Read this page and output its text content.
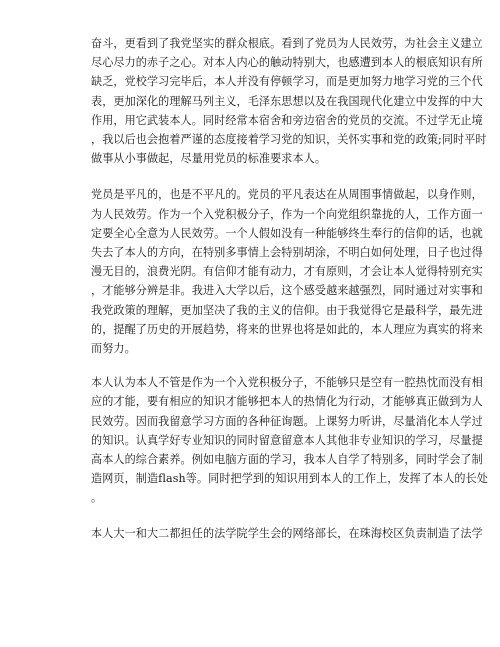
奋斗，更看到了我党坚实的群众根底。看到了党员为人民效劳，为社会主义建立
尽心尽力的赤子之心。对本人内心的触动特别大，也感遭到本人的根底知识有所
缺乏，党校学习完毕后，本人并没有停顿学习，而是更加努力地学习党的三个代
表，更加深化的理解马列主义，毛泽东思想以及在我国现代化建立中发挥的中大
作用，用它武装本人。同时经常本宿舍和旁边宿舍的党员的交流。不过学无止境
，我以后也会抱着严谨的态度接着学习党的知识，关怀实事和党的政策;同时平时
做事从小事做起，尽量用党员的标准要求本人。

党员是平凡的，也是不平凡的。党员的平凡表达在从周围事情做起，以身作则，
为人民效劳。作为一个入党积极分子，作为一个向党组织靠拢的人，工作方面一
定要全心全意为人民效劳。一个人假如没有一种能够终生奉行的信仰的话，也就
失去了本人的方向，在特别多事情上会特别胡涂，不明白如何处理，日子也过得
漫无目的，浪费光阴。有信仰才能有动力，才有原则，才会让本人觉得特别充实
，才能够分辨是非。我进入大学以后，这个感受越来越强烈，同时通过对实事和
我党政策的理解，更加坚决了我的主义的信仰。由于我觉得它是最科学，最先进
的，提醒了历史的开展趋势，将来的世界也将是如此的，本人理应为真实的将来
而努力。

本人认为本人不管是作为一个入党积极分子，不能够只是空有一腔热忱而没有相
应的才能，要有相应的知识才能够把本人的热情化为行动，才能够真正做到为人
民效劳。因而我留意学习方面的各种征询题。上课努力听讲，尽量消化本人学过
的知识。认真学好专业知识的同时留意留意本人其他非专业知识的学习，尽量提
高本人的综合素养。例如电脑方面的学习，我本人自学了特别多，同时学会了制
造网页，制造flash等。同时把学到的知识用到本人的工作上，发挥了本人的长处
。

本人大一和大二都担任的法学院学生会的网络部长，在珠海校区负责制造了法学
